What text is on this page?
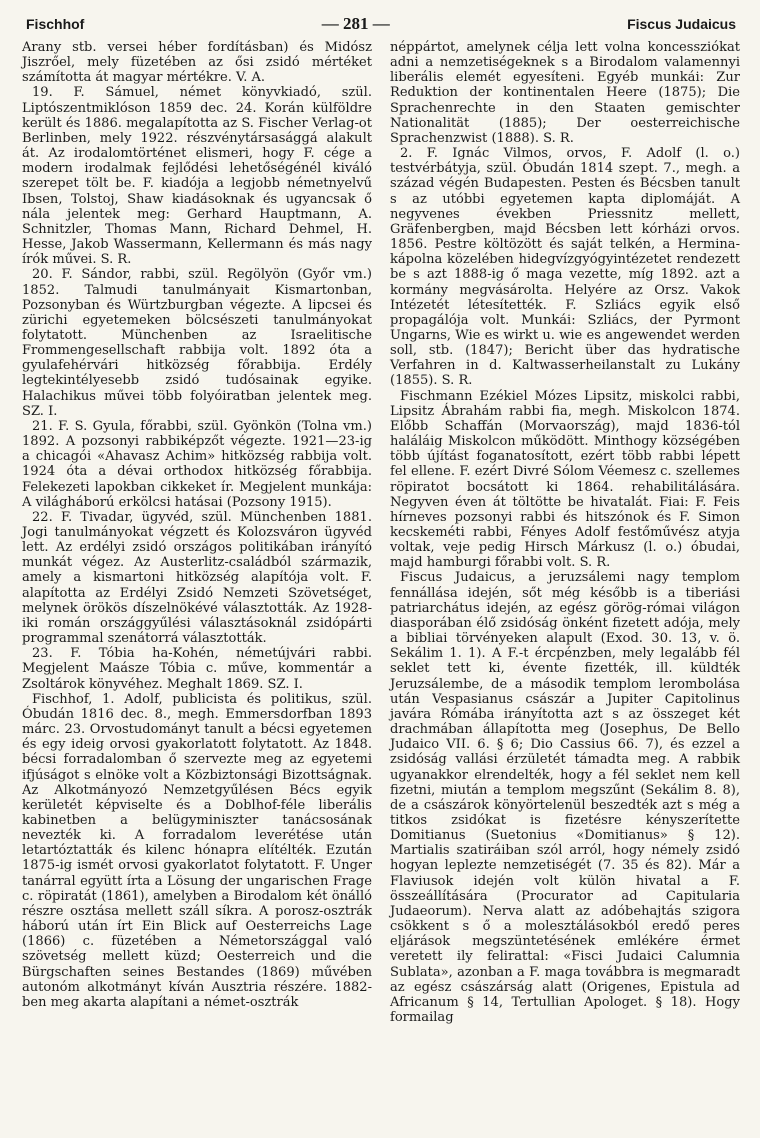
Fischhof	— 281 —	Fiscus Judaicus

Arany stb. versei héber fordításban) és Midósz Jiszrőel, mely füzetében az ősi zsidó mértéket számította át magyar mértékre. V. A.

19. F. Sámuel, német könyvkiadó, szül. Liptószentmiklóson 1859 dec. 24. Korán külföldre került és 1886. megalapította az S. Fischer Verlag-ot Berlinben, mely 1922. részvénytársasággá alakult át. Az irodalomtörténet elismeri, hogy F. cége a modern irodalmak fejlődési lehetőségénél kiváló szerepet tölt be. F. kiadója a legjobb németnyelvű Ibsen, Tolstoj, Shaw kiadásoknak és ugyancsak ő nála jelentek meg: Gerhard Hauptmann, A. Schnitzler, Thomas Mann, Richard Dehmel, H. Hesse, Jakob Wassermann, Kellermann és más nagy írók művei. S. R.

20. F. Sándor, rabbi, szül. Regölyön (Győr vm.) 1852. Talmudi tanulmányait Kismartonban, Pozsonyban és Würtzburgban végezte. A lipcsei és zürichi egyetemeken bölcsészeti tanulmányokat folytatott. Münchenben az Israelitische Frommengesellschaft rabbija volt. 1892 óta a gyulafehérvári hitközség főrabbija. Erdély legtekintélyesebb zsidó tudósainak egyike. Halachikus művei több folyóiratban jelentek meg. SZ. I.

21. F. S. Gyula, főrabbi, szül. Gyönkön (Tolna vm.) 1892. A pozsonyi rabbiképzőt végezte. 1921—23-ig a chicagói «Ahavasz Achim» hitközség rabbija volt. 1924 óta a dévai orthodox hitközség főrabbija. Felekezeti lapokban cikkeket ír. Megjelent munkája: A világháború erkölcsi hatásai (Pozsony 1915).

22. F. Tivadar, ügyvéd, szül. Münchenben 1881. Jogi tanulmányokat végzett és Kolozsváron ügyvéd lett. Az erdélyi zsidó országos politikában irányító munkát végez. Az Austerlitz-családból származik, amely a kismartoni hitközség alapítója volt. F. alapította az Erdélyi Zsidó Nemzeti Szövetséget, melynek örökös díszelnökévé választották. Az 1928-iki román országgyűlési választásoknál zsidópárti programmal szenátorrá választották.

23. F. Tóbia ha-Kohén, németújvári rabbi. Megjelent Maásze Tóbia c. műve, kommentár a Zsoltárok könyvéhez. Meghalt 1869. SZ. I.

Fischhof, 1. Adolf, publicista és politikus, szül. Óbudán 1816 dec. 8., megh. Emmersdorfban 1893 márc. 23. Orvostudományt tanult a bécsi egyetemen és egy ideig orvosi gyakorlatott folytatott. Az 1848. bécsi forradalomban ő szervezte meg az egyetemi ifjúságot s elnöke volt a Közbiztonsági Bizottságnak. Az Alkotmányozó Nemzetgyűlésen Bécs egyik kerületét képviselte és a Doblhof-féle liberális kabinetben a belügyminiszter tanácsosának nevezték ki. A forradalom leverétése után letartóztatták és kilenc hónapra elítélték. Ezután 1875-ig ismét orvosi gyakorlatot folytatott. F. Unger tanárral együtt írta a Lösung der ungarischen Frage c. röpiratát (1861), amelyben a Birodalom két önálló részre osztása mellett száll síkra. A porosz-osztrák háború után írt Ein Blick auf Oesterreichs Lage (1866) c. füzetében a Németországgal való szövetség mellett küzd; Oesterreich und die Bürgschaften seines Bestandes (1869) művében autonóm alkotmányt kíván Ausztria részére. 1882-ben meg akarta alapítani a német-osztrák

néppártot, amelynek célja lett volna koncessziókat adni a nemzetiségeknek s a Birodalom valamennyi liberális elemét egyesíteni. Egyéb munkái: Zur Reduktion der kontinentalen Heere (1875); Die Sprachenrechte in den Staaten gemischter Nationalität (1885); Der oesterreichische Sprachenzwist (1888). S. R.

2. F. Ignác Vilmos, orvos, F. Adolf (l. o.) testvérbátyja, szül. Óbudán 1814 szept. 7., megh. a század végén Budapesten. Pesten és Bécsben tanult s az utóbbi egyetemen kapta diplomáját. A negyvenes években Priessnitz mellett, Gräfenbergben, majd Bécsben lett kórházi orvos. 1856. Pestre költözött és saját telkén, a Hermina-kápolna közelében hidegvízgyógyintézetet rendezett be s azt 1888-ig ő maga vezette, míg 1892. azt a kormány megvásárolta. Helyére az Orsz. Vakok Intézetét létesítették. F. Szliács egyik első propagálója volt. Munkái: Szliács, der Pyrmont Ungarns, Wie es wirkt u. wie es angewendet werden soll, stb. (1847); Bericht über das hydratische Verfahren in d. Kaltwasserheilanstalt zu Lukány (1855). S. R.

Fischmann Ezékiel Mózes Lipsitz, miskolci rabbi, Lipsitz Ábrahám rabbi fia, megh. Miskolcon 1874. Előbb Schaffán (Morvaország), majd 1836-tól haláláig Miskolcon működött. Minthogy községében több újítást foganatosított, ezért több rabbi lépett fel ellene. F. ezért Divré Sólom Véemesz c. szellemes röpiratot bocsátott ki 1864. rehabilitálására. Negyven éven át töltötte be hivatalát. Fiai: F. Feis hírneves pozsonyi rabbi és hitszónok és F. Simon kecskeméti rabbi, Fényes Adolf festőművész atyja voltak, veje pedig Hirsch Márkusz (l. o.) óbudai, majd hamburgi főrabbi volt. S. R.

Fiscus Judaicus, a jeruzsálemi nagy templom fennállása idején, sőt még később is a tiberiási patriarchátus idején, az egész görög-római világon diasporában élő zsidóság önként fizetett adója, mely a bibliai törvényeken alapult (Exod. 30. 13, v. ö. Sekálim 1. 1). A F.-t ércpénzben, mely legalább fél seklet tett ki, évente fizették, ill. küldték Jeruzsálembe, de a második templom lerombolása után Vespasianus császár a Jupiter Capitolinus javára Rómába irányította azt s az összeget két drachmában állapította meg (Josephus, De Bello Judaico VII. 6. § 6; Dio Cassius 66. 7), és ezzel a zsidóság vallási érzületét támadta meg. A rabbik ugyanakkor elrendelték, hogy a fél seklet nem kell fizetni, miután a templom megszűnt (Sekálim 8. 8), de a császárok könyörtelenül beszedték azt s még a titkos zsidókat is fizetésre kényszerítette Domitianus (Suetonius «Domitianus» § 12). Martialis szatiráiban szól arról, hogy némely zsidó hogyan leplezte nemzetiségét (7. 35 és 82). Már a Flaviusok idején volt külön hivatal a F. összeállítására (Procurator ad Capitularia Judaeorum). Nerva alatt az adóbehajtás szigora csökkent s ő a molesztálásokból eredő peres eljárások megszüntetésének emlékére érmet veretett ily felirattal: «Fisci Judaici Calumnia Sublata», azonban a F. maga továbbra is megmaradt az egész császárság alatt (Origenes, Epistula ad Africanum § 14, Tertullian Apologet. § 18). Hogy formailag
